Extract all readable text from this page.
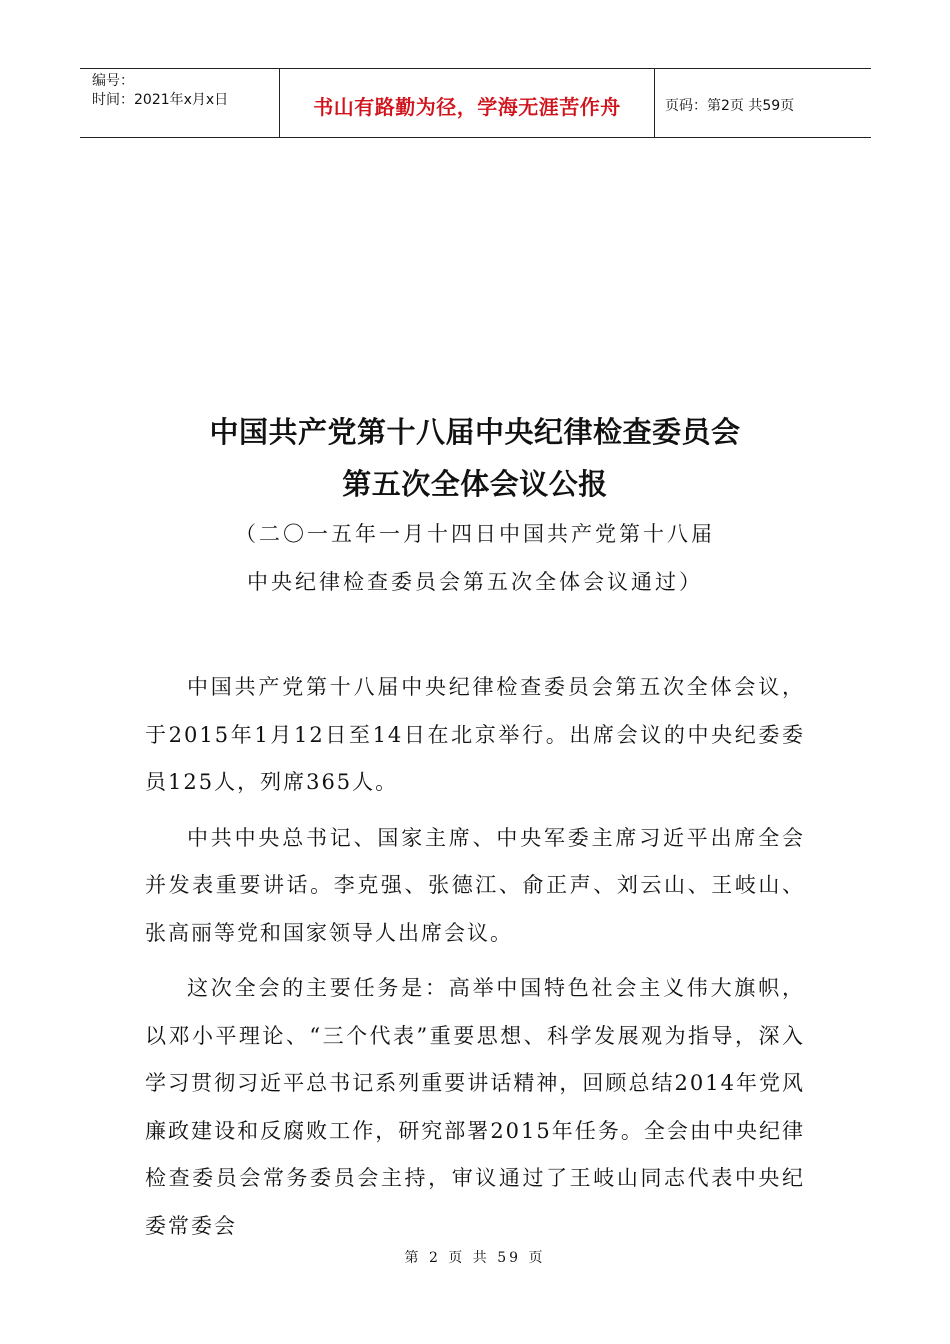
编号：
时间：2021年x月x日	书山有路勤为径，学海无涯苦作舟	页码：第2页 共59页
中国共产党第十八届中央纪律检查委员会
第五次全体会议公报
（二〇一五年一月十四日中国共产党第十八届
中央纪律检查委员会第五次全体会议通过）

中国共产党第十八届中央纪律检查委员会第五次全体会议，于2015年1月12日至14日在北京举行。出席会议的中央纪委委员125人，列席365人。

中共中央总书记、国家主席、中央军委主席习近平出席全会并发表重要讲话。李克强、张德江、俞正声、刘云山、王岐山、张高丽等党和国家领导人出席会议。

这次全会的主要任务是：高举中国特色社会主义伟大旗帜，以邓小平理论、“三个代表”重要思想、科学发展观为指导，深入学习贯彻习近平总书记系列重要讲话精神，回顾总结2014年党风廉政建设和反腐败工作，研究部署2015年任务。全会由中央纪律检查委员会常务委员会主持，审议通过了王岐山同志代表中央纪委常委会

第 2 页 共 59 页
